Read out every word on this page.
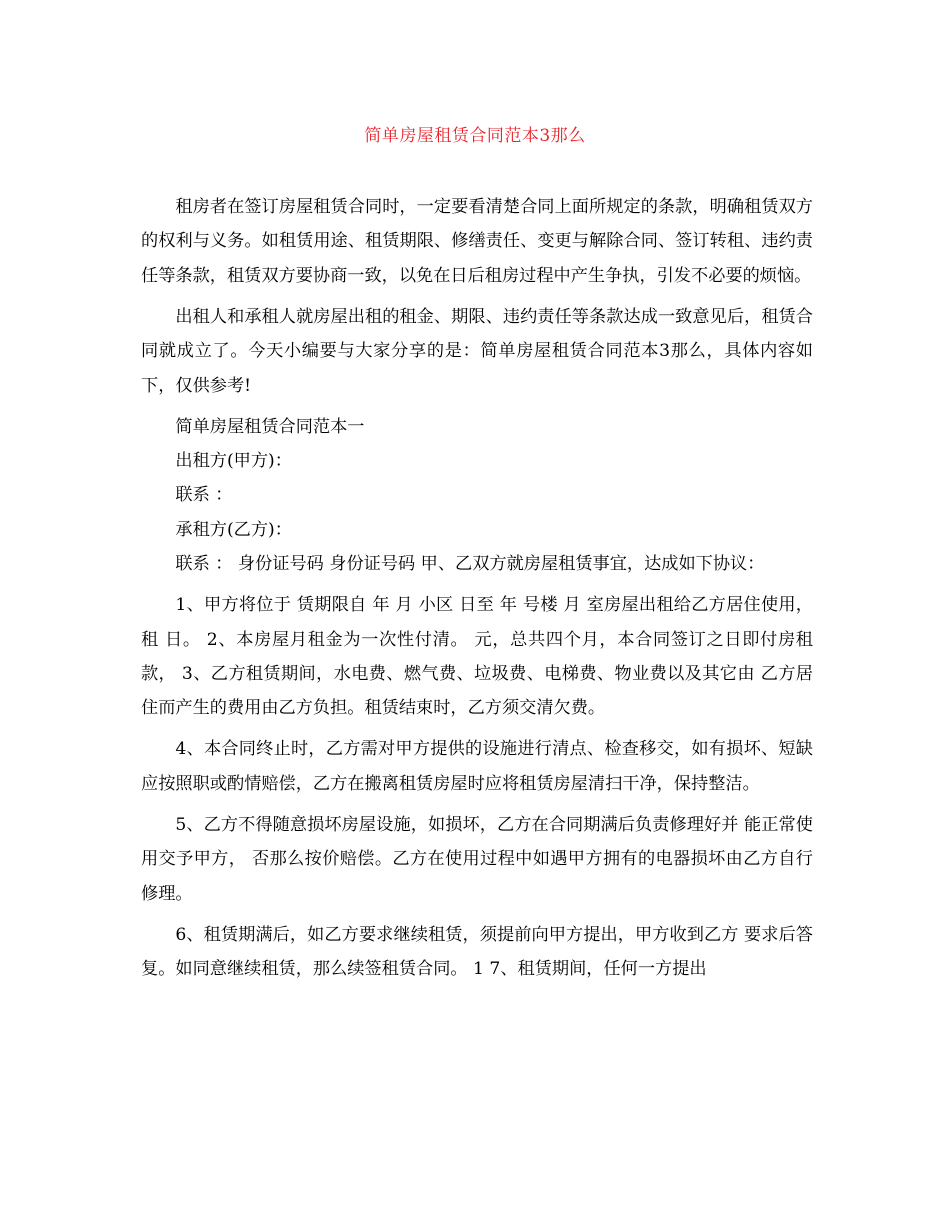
简单房屋租赁合同范本3那么

租房者在签订房屋租赁合同时，一定要看清楚合同上面所规定的条款，明确租赁双方的权利与义务。如租赁用途、租赁期限、修缮责任、变更与解除合同、签订转租、违约责任等条款，租赁双方要协商一致，以免在日后租房过程中产生争执，引发不必要的烦恼。

出租人和承租人就房屋出租的租金、期限、违约责任等条款达成一致意见后，租赁合同就成立了。今天小编要与大家分享的是：简单房屋租赁合同范本3那么，具体内容如下，仅供参考!

简单房屋租赁合同范本一

出租方(甲方)：

联系 ：

承租方(乙方)：

联系 ： 身份证号码 身份证号码 甲、乙双方就房屋租赁事宜，达成如下协议：

1、甲方将位于 赁期限自 年 月 小区 日至 年 号楼 月 室房屋出租给乙方居住使用，租 日。 2、本房屋月租金为一次性付清。 元，总共四个月，本合同签订之日即付房租款， 3、乙方租赁期间，水电费、燃气费、垃圾费、电梯费、物业费以及其它由 乙方居住而产生的费用由乙方负担。租赁结束时，乙方须交清欠费。

4、本合同终止时，乙方需对甲方提供的设施进行清点、检查移交，如有损坏、短缺应按照职或酌情赔偿，乙方在搬离租赁房屋时应将租赁房屋清扫干净，保持整洁。

5、乙方不得随意损坏房屋设施，如损坏，乙方在合同期满后负责修理好并 能正常使用交予甲方， 否那么按价赔偿。乙方在使用过程中如遇甲方拥有的电器损坏由乙方自行修理。

6、租赁期满后，如乙方要求继续租赁，须提前向甲方提出，甲方收到乙方 要求后答复。如同意继续租赁，那么续签租赁合同。 1 7、租赁期间，任何一方提出
